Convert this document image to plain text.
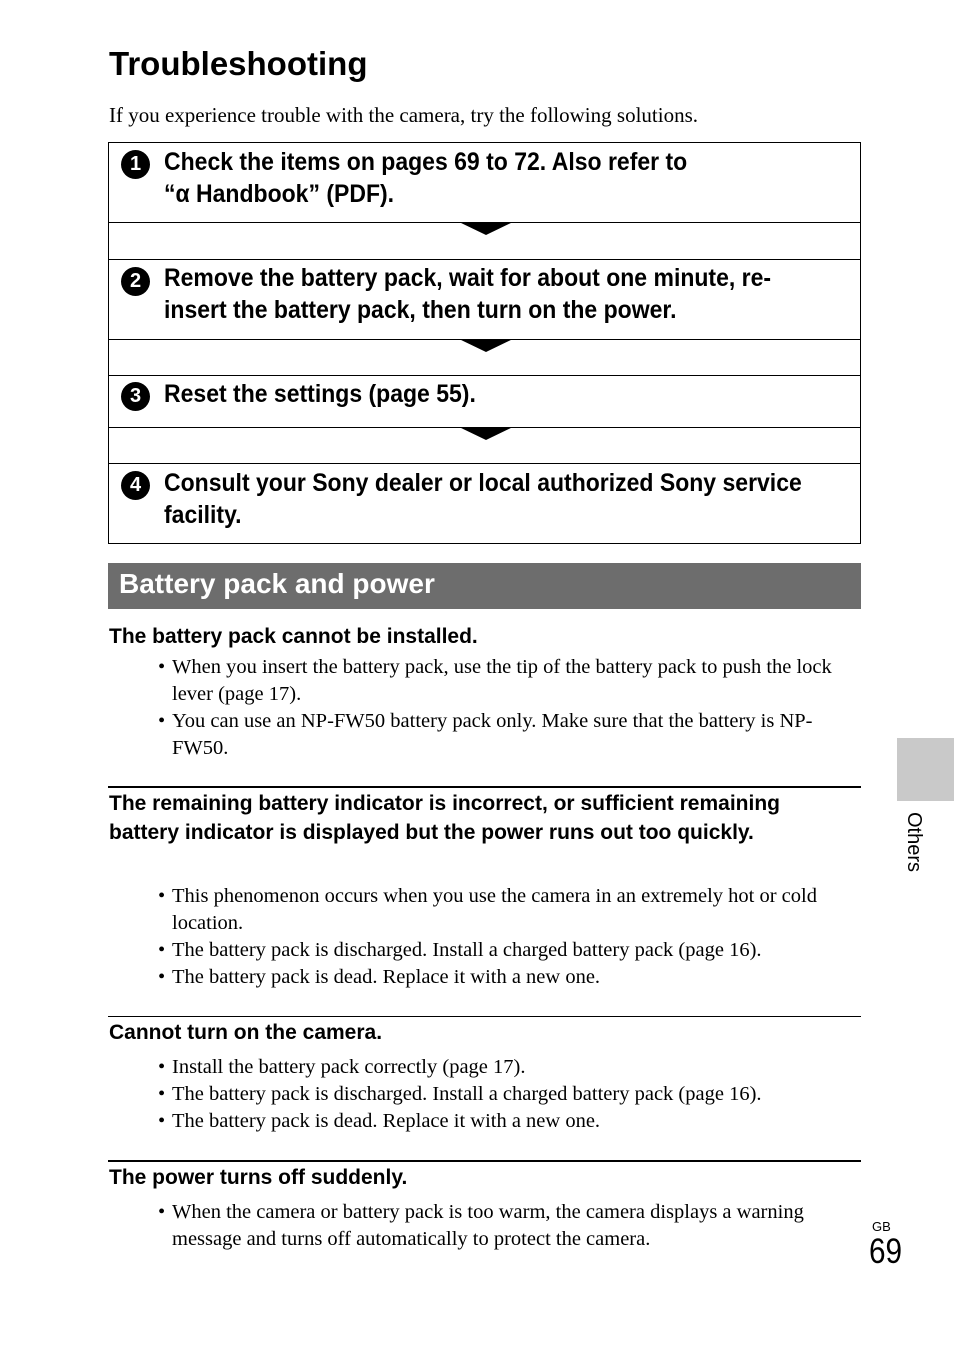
Troubleshooting
If you experience trouble with the camera, try the following solutions.
1 Check the items on pages 69 to 72. Also refer to
“α Handbook” (PDF).
2 Remove the battery pack, wait for about one minute, re-
insert the battery pack, then turn on the power.
3 Reset the settings (page 55).
4 Consult your Sony dealer or local authorized Sony service
facility.
Battery pack and power
The battery pack cannot be installed.
• When you insert the battery pack, use the tip of the battery pack to push the lock lever (page 17).
• You can use an NP-FW50 battery pack only. Make sure that the battery is NP-FW50.
The remaining battery indicator is incorrect, or sufficient remaining battery indicator is displayed but the power runs out too quickly.
• This phenomenon occurs when you use the camera in an extremely hot or cold location.
• The battery pack is discharged. Install a charged battery pack (page 16).
• The battery pack is dead. Replace it with a new one.
Cannot turn on the camera.
• Install the battery pack correctly (page 17).
• The battery pack is discharged. Install a charged battery pack (page 16).
• The battery pack is dead. Replace it with a new one.
The power turns off suddenly.
• When the camera or battery pack is too warm, the camera displays a warning message and turns off automatically to protect the camera.
Others
GB
69
